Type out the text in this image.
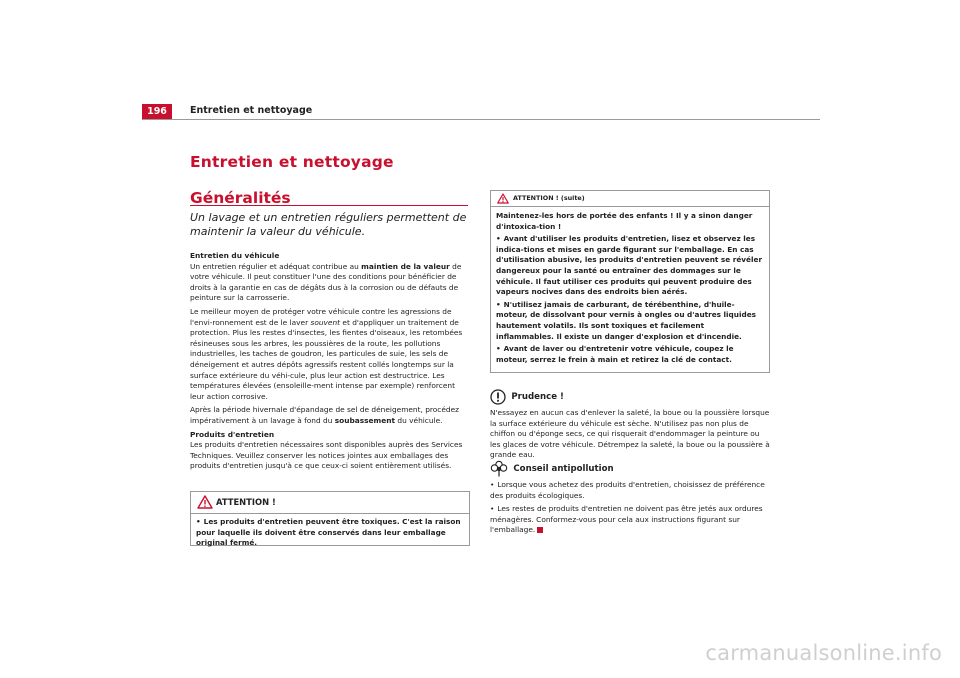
196	Entretien et nettoyage
Entretien et nettoyage
Généralités
Un lavage et un entretien réguliers permettent de maintenir la valeur du véhicule.

Entretien du véhicule

Un entretien régulier et adéquat contribue au maintien de la valeur de votre véhicule. Il peut constituer l'une des conditions pour bénéficier de droits à la garantie en cas de dégâts dus à la corrosion ou de défauts de peinture sur la carrosserie.

Le meilleur moyen de protéger votre véhicule contre les agressions de l'envi-ronnement est de le laver souvent et d'appliquer un traitement de protection. Plus les restes d'insectes, les fientes d'oiseaux, les retombées résineuses sous les arbres, les poussières de la route, les pollutions industrielles, les taches de goudron, les particules de suie, les sels de déneigement et autres dépôts agressifs restent collés longtemps sur la surface extérieure du véhi-cule, plus leur action est destructrice. Les températures élevées (ensoleille-ment intense par exemple) renforcent leur action corrosive.

Après la période hivernale d'épandage de sel de déneigement, procédez impérativement à un lavage à fond du soubassement du véhicule.

Produits d'entretien

Les produits d'entretien nécessaires sont disponibles auprès des Services Techniques. Veuillez conserver les notices jointes aux emballages des produits d'entretien jusqu'à ce que ceux-ci soient entièrement utilisés.

ATTENTION !

• Les produits d'entretien peuvent être toxiques. C'est la raison pour laquelle ils doivent être conservés dans leur emballage original fermé.

ATTENTION ! (suite)

Maintenez-les hors de portée des enfants ! Il y a sinon danger d'intoxica-tion !

• Avant d'utiliser les produits d'entretien, lisez et observez les indica-tions et mises en garde figurant sur l'emballage. En cas d'utilisation abusive, les produits d'entretien peuvent se révéler dangereux pour la santé ou entraîner des dommages sur le véhicule. Il faut utiliser ces produits qui peuvent produire des vapeurs nocives dans des endroits bien aérés.

• N'utilisez jamais de carburant, de térébenthine, d'huile-moteur, de dissolvant pour vernis à ongles ou d'autres liquides hautement volatils. Ils sont toxiques et facilement inflammables. Il existe un danger d'explosion et d'incendie.

• Avant de laver ou d'entretenir votre véhicule, coupez le moteur, serrez le frein à main et retirez la clé de contact.

Prudence !

N'essayez en aucun cas d'enlever la saleté, la boue ou la poussière lorsque la surface extérieure du véhicule est sèche. N'utilisez pas non plus de chiffon ou d'éponge secs, ce qui risquerait d'endommager la peinture ou les glaces de votre véhicule. Détrempez la saleté, la boue ou la poussière à grande eau.

Conseil antipollution

• Lorsque vous achetez des produits d'entretien, choisissez de préférence des produits écologiques.

• Les restes de produits d'entretien ne doivent pas être jetés aux ordures ménagères. Conformez-vous pour cela aux instructions figurant sur l'emballage.

carmanualsonline.info
